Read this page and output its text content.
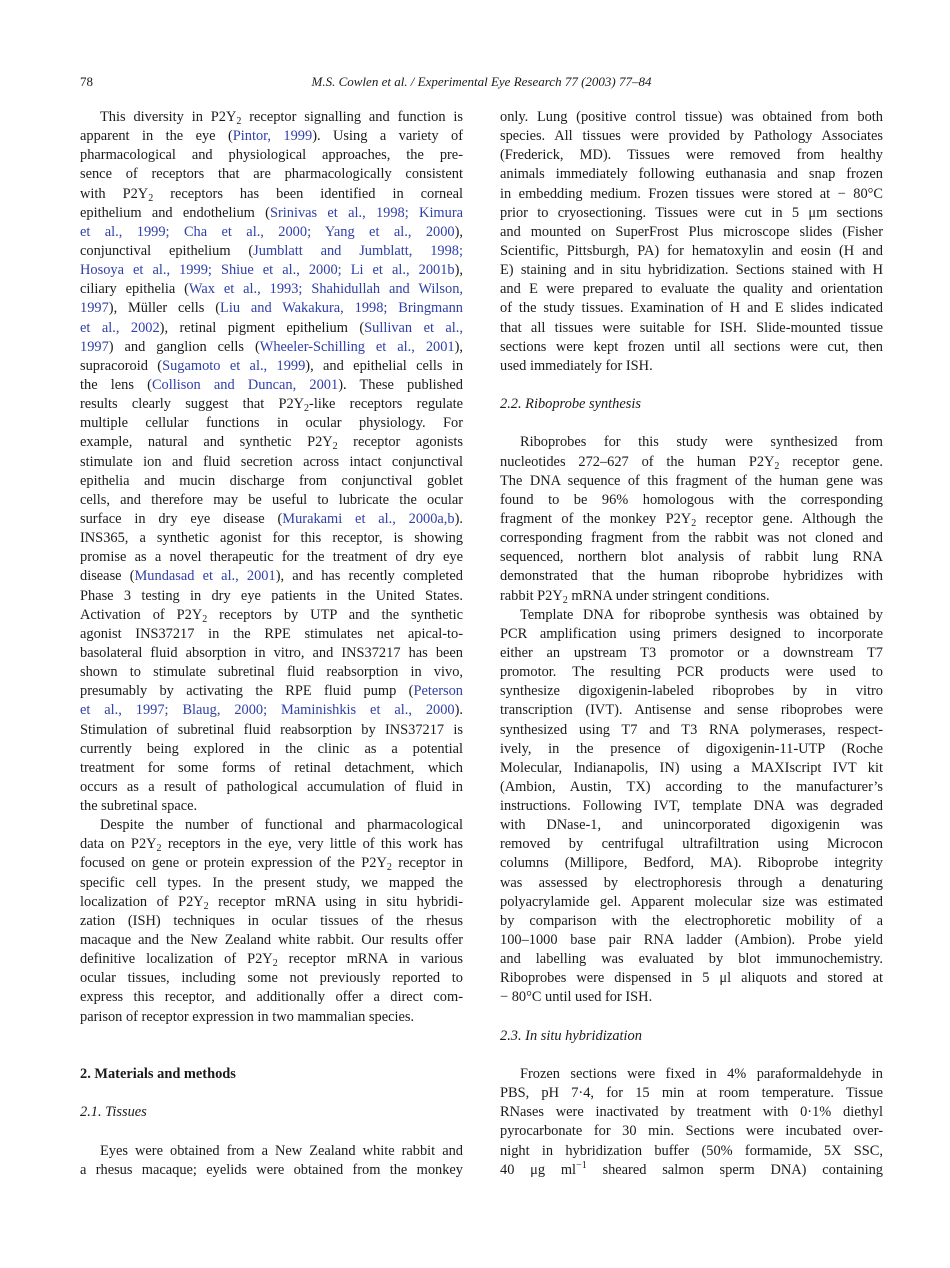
78	M.S. Cowlen et al. / Experimental Eye Research 77 (2003) 77–84
This diversity in $P2Y_2$ receptor signalling and function is
apparent in the eye (Pintor, 1999). Using a variety of
pharmacological and physiological approaches, the pre-
sence of receptors that are pharmacologically consistent
with $P2Y_2$ receptors has been identified in corneal
epithelium and endothelium (Srinivas et al., 1998; Kimura
et al., 1999; Cha et al., 2000; Yang et al., 2000),
conjunctival epithelium (Jumblatt and Jumblatt, 1998;
Hosoya et al., 1999; Shiue et al., 2000; Li et al., 2001b),
ciliary epithelia (Wax et al., 1993; Shahidullah and Wilson,
1997), Müller cells (Liu and Wakakura, 1998; Bringmann
et al., 2002), retinal pigment epithelium (Sullivan et al.,
1997) and ganglion cells (Wheeler-Schilling et al., 2001),
supracoroid (Sugamoto et al., 1999), and epithelial cells in
the lens (Collison and Duncan, 2001). These published
results clearly suggest that $P2Y_2$-like receptors regulate
multiple cellular functions in ocular physiology. For
example, natural and synthetic $P2Y_2$ receptor agonists
stimulate ion and fluid secretion across intact conjunctival
epithelia and mucin discharge from conjunctival goblet
cells, and therefore may be useful to lubricate the ocular
surface in dry eye disease (Murakami et al., 2000a,b).
INS365, a synthetic agonist for this receptor, is showing
promise as a novel therapeutic for the treatment of dry eye
disease (Mundasad et al., 2001), and has recently completed
Phase 3 testing in dry eye patients in the United States.
Activation of $P2Y_2$ receptors by UTP and the synthetic
agonist INS37217 in the RPE stimulates net apical-to-
basolateral fluid absorption in vitro, and INS37217 has been
shown to stimulate subretinal fluid reabsorption in vivo,
presumably by activating the RPE fluid pump (Peterson
et al., 1997; Blaug, 2000; Maminishkis et al., 2000).
Stimulation of subretinal fluid reabsorption by INS37217 is
currently being explored in the clinic as a potential
treatment for some forms of retinal detachment, which
occurs as a result of pathological accumulation of fluid in
the subretinal space.
Despite the number of functional and pharmacological
data on $P2Y_2$ receptors in the eye, very little of this work has
focused on gene or protein expression of the $P2Y_2$ receptor in
specific cell types. In the present study, we mapped the
localization of $P2Y_2$ receptor mRNA using in situ hybridi-
zation (ISH) techniques in ocular tissues of the rhesus
macaque and the New Zealand white rabbit. Our results offer
definitive localization of $P2Y_2$ receptor mRNA in various
ocular tissues, including some not previously reported to
express this receptor, and additionally offer a direct com-
parison of receptor expression in two mammalian species.
2. Materials and methods
2.1. Tissues
Eyes were obtained from a New Zealand white rabbit and
a rhesus macaque; eyelids were obtained from the monkey
only. Lung (positive control tissue) was obtained from both
species. All tissues were provided by Pathology Associates
(Frederick, MD). Tissues were removed from healthy
animals immediately following euthanasia and snap frozen
in embedding medium. Frozen tissues were stored at − 80°C
prior to cryosectioning. Tissues were cut in 5 μm sections
and mounted on SuperFrost Plus microscope slides (Fisher
Scientific, Pittsburgh, PA) for hematoxylin and eosin (H and
E) staining and in situ hybridization. Sections stained with H
and E were prepared to evaluate the quality and orientation
of the study tissues. Examination of H and E slides indicated
that all tissues were suitable for ISH. Slide-mounted tissue
sections were kept frozen until all sections were cut, then
used immediately for ISH.
2.2. Riboprobe synthesis
Riboprobes for this study were synthesized from
nucleotides 272–627 of the human $P2Y_2$ receptor gene.
The DNA sequence of this fragment of the human gene was
found to be 96% homologous with the corresponding
fragment of the monkey $P2Y_2$ receptor gene. Although the
corresponding fragment from the rabbit was not cloned and
sequenced, northern blot analysis of rabbit lung RNA
demonstrated that the human riboprobe hybridizes with
rabbit $P2Y_2$ mRNA under stringent conditions.
Template DNA for riboprobe synthesis was obtained by
PCR amplification using primers designed to incorporate
either an upstream T3 promotor or a downstream T7
promotor. The resulting PCR products were used to
synthesize digoxigenin-labeled riboprobes by in vitro
transcription (IVT). Antisense and sense riboprobes were
synthesized using T7 and T3 RNA polymerases, respect-
ively, in the presence of digoxigenin-11-UTP (Roche
Molecular, Indianapolis, IN) using a MAXIscript IVT kit
(Ambion, Austin, TX) according to the manufacturer’s
instructions. Following IVT, template DNA was degraded
with DNase-1, and unincorporated digoxigenin was
removed by centrifugal ultrafiltration using Microcon
columns (Millipore, Bedford, MA). Riboprobe integrity
was assessed by electrophoresis through a denaturing
polyacrylamide gel. Apparent molecular size was estimated
by comparison with the electrophoretic mobility of a
100–1000 base pair RNA ladder (Ambion). Probe yield
and labelling was evaluated by blot immunochemistry.
Riboprobes were dispensed in 5 μl aliquots and stored at
− 80°C until used for ISH.
2.3. In situ hybridization
Frozen sections were fixed in 4% paraformaldehyde in
PBS, pH 7·4, for 15 min at room temperature. Tissue
RNases were inactivated by treatment with 0·1% diethyl
pyrocarbonate for 30 min. Sections were incubated over-
night in hybridization buffer (50% formamide, 5X SSC,
40 μg $ml^{-1}$ sheared salmon sperm DNA) containing
